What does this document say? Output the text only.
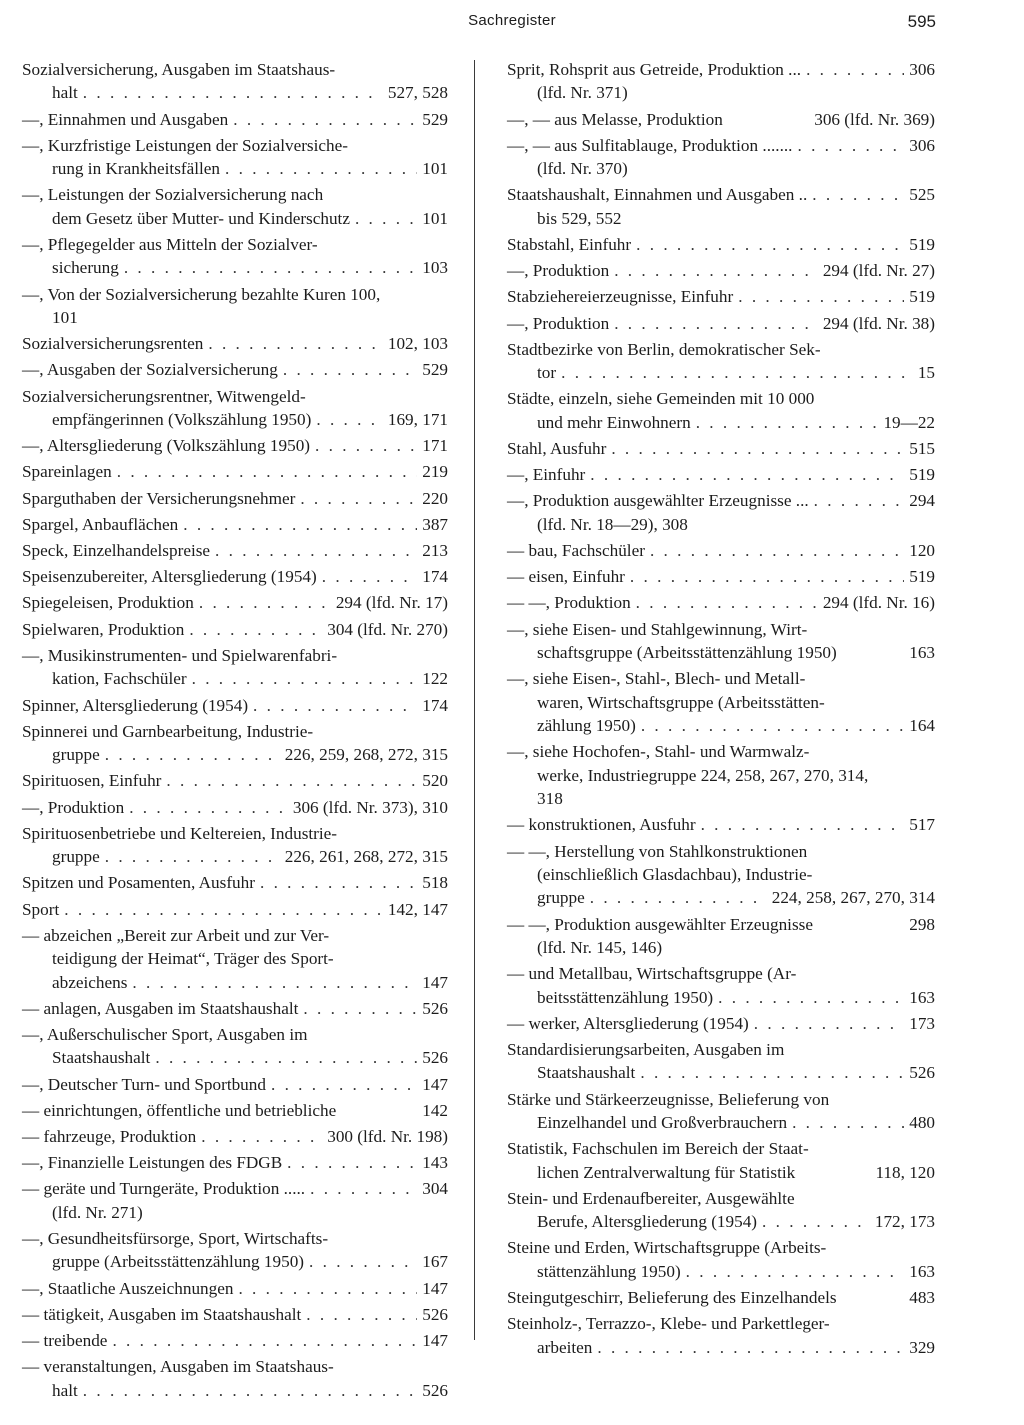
Sachregister	595
Sozialversicherung, Ausgaben im Staatshaus-
halt . . .	527, 528
—, Einnahmen und Ausgaben . . .	529
—, Kurzfristige Leistungen der Sozialversiche-
rung in Krankheitsfällen . . .	101
—, Leistungen der Sozialversicherung nach
dem Gesetz über Mutter- und Kinderschutz . . .	101
—, Pflegegelder aus Mitteln der Sozialver-
sicherung . . .	103
—, Von der Sozialversicherung bezahlte Kuren 100,
101
Sozialversicherungsrenten . . .	102, 103
—, Ausgaben der Sozialversicherung . . .	529
Sozialversicherungsrentner, Witwengeld-
empfängerinnen (Volkszählung 1950) . . .	169, 171
—, Altersgliederung (Volkszählung 1950) . . .	171
Spareinlagen . . .	219
Sparguthaben der Versicherungsnehmer . . .	220
Spargel, Anbauflächen . . .	387
Speck, Einzelhandelspreise . . .	213
Speisenzubereiter, Altersgliederung (1954) . . .	174
Spiegeleisen, Produktion . . .	294 (lfd. Nr. 17)
Spielwaren, Produktion . . .	304 (lfd. Nr. 270)
—, Musikinstrumenten- und Spielwarenfabri-
kation, Fachschüler . . .	122
Spinner, Altersgliederung (1954) . . .	174
Spinnerei und Garnbearbeitung, Industrie-
gruppe . . .	226, 259, 268, 272, 315
Spirituosen, Einfuhr . . .	520
—, Produktion . . .	306 (lfd. Nr. 373), 310
Spirituosenbetriebe und Keltereien, Industrie-
gruppe . . .	226, 261, 268, 272, 315
Spitzen und Posamenten, Ausfuhr . . .	518
Sport . . .	142, 147
— abzeichen „Bereit zur Arbeit und zur Ver-
teidigung der Heimat“, Träger des Sport-
abzeichens . . .	147
— anlagen, Ausgaben im Staatshaushalt . . .	526
—, Außerschulischer Sport, Ausgaben im
Staatshaushalt . . .	526
—, Deutscher Turn- und Sportbund . . .	147
— einrichtungen, öffentliche und betriebliche	142
— fahrzeuge, Produktion . . .	300 (lfd. Nr. 198)
—, Finanzielle Leistungen des FDGB . . .	143
— geräte und Turngeräte, Produktion ..... . . .	304
(lfd. Nr. 271)
—, Gesundheitsfürsorge, Sport, Wirtschafts-
gruppe (Arbeitsstättenzählung 1950) . . .	167
—, Staatliche Auszeichnungen . . .	147
— tätigkeit, Ausgaben im Staatshaushalt . . .	526
— treibende . . .	147
— veranstaltungen, Ausgaben im Staatshaus-
halt . . .	526
Sprit, Rohsprit aus Getreide, Produktion ... . . .	306
(lfd. Nr. 371)
—, — aus Melasse, Produktion	306 (lfd. Nr. 369)
—, — aus Sulfitablauge, Produktion ....... . . .	306
(lfd. Nr. 370)
Staatshaushalt, Einnahmen und Ausgaben .. . . .	525
bis 529, 552
Stabstahl, Einfuhr . . .	519
—, Produktion . . .	294 (lfd. Nr. 27)
Stabziehereierzeugnisse, Einfuhr . . .	519
—, Produktion . . .	294 (lfd. Nr. 38)
Stadtbezirke von Berlin, demokratischer Sek-
tor . . .	15
Städte, einzeln, siehe Gemeinden mit 10 000
und mehr Einwohnern . . .	19—22
Stahl, Ausfuhr . . .	515
—, Einfuhr . . .	519
—, Produktion ausgewählter Erzeugnisse ... . . .	294
(lfd. Nr. 18—29), 308
— bau, Fachschüler . . .	120
— eisen, Einfuhr . . .	519
— —, Produktion . . .	294 (lfd. Nr. 16)
—, siehe Eisen- und Stahlgewinnung, Wirt-
schaftsgruppe (Arbeitsstättenzählung 1950)	163
—, siehe Eisen-, Stahl-, Blech- und Metall-
waren, Wirtschaftsgruppe (Arbeitsstätten-
zählung 1950) . . .	164
—, siehe Hochofen-, Stahl- und Warmwalz-
werke, Industriegruppe 224, 258, 267, 270, 314,
318
— konstruktionen, Ausfuhr . . .	517
— —, Herstellung von Stahlkonstruktionen
(einschließlich Glasdachbau), Industrie-
gruppe . . .	224, 258, 267, 270, 314
— —, Produktion ausgewählter Erzeugnisse	298
(lfd. Nr. 145, 146)
— und Metallbau, Wirtschaftsgruppe (Ar-
beitsstättenzählung 1950) . . .	163
— werker, Altersgliederung (1954) . . .	173
Standardisierungsarbeiten, Ausgaben im
Staatshaushalt . . .	526
Stärke und Stärkeerzeugnisse, Belieferung von
Einzelhandel und Großverbrauchern . . .	480
Statistik, Fachschulen im Bereich der Staat-
lichen Zentralverwaltung für Statistik	118, 120
Stein- und Erdenaufbereiter, Ausgewählte
Berufe, Altersgliederung (1954) . . .	172, 173
Steine und Erden, Wirtschaftsgruppe (Arbeits-
stättenzählung 1950) . . .	163
Steingutgeschirr, Belieferung des Einzelhandels	483
Steinholz-, Terrazzo-, Klebe- und Parkettleger-
arbeiten . . .	329
